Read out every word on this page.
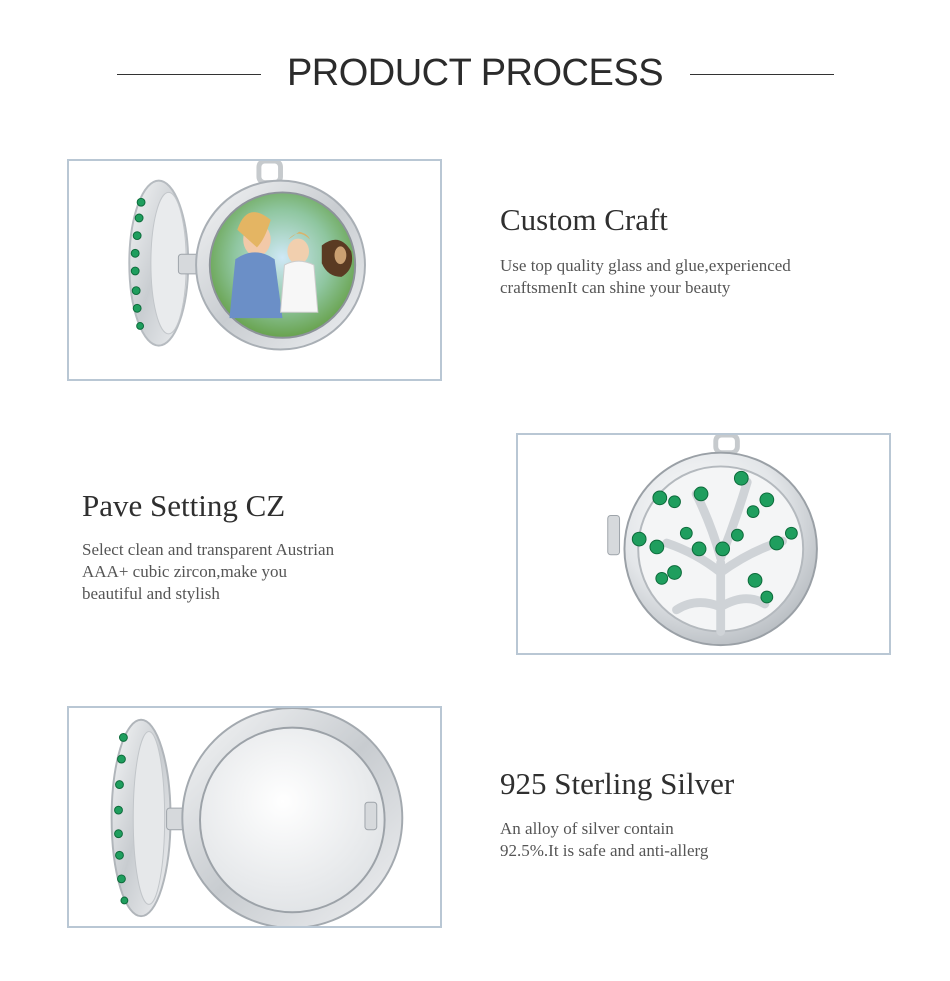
PRODUCT PROCESS
Custom Craft

Use top quality glass and glue,experienced
craftsmenIt can shine your beauty

Pave Setting CZ

Select clean and transparent Austrian
AAA+ cubic zircon,make you
beautiful and stylish

925 Sterling Silver

An alloy of silver contain
92.5%.It is safe and anti-allerg
